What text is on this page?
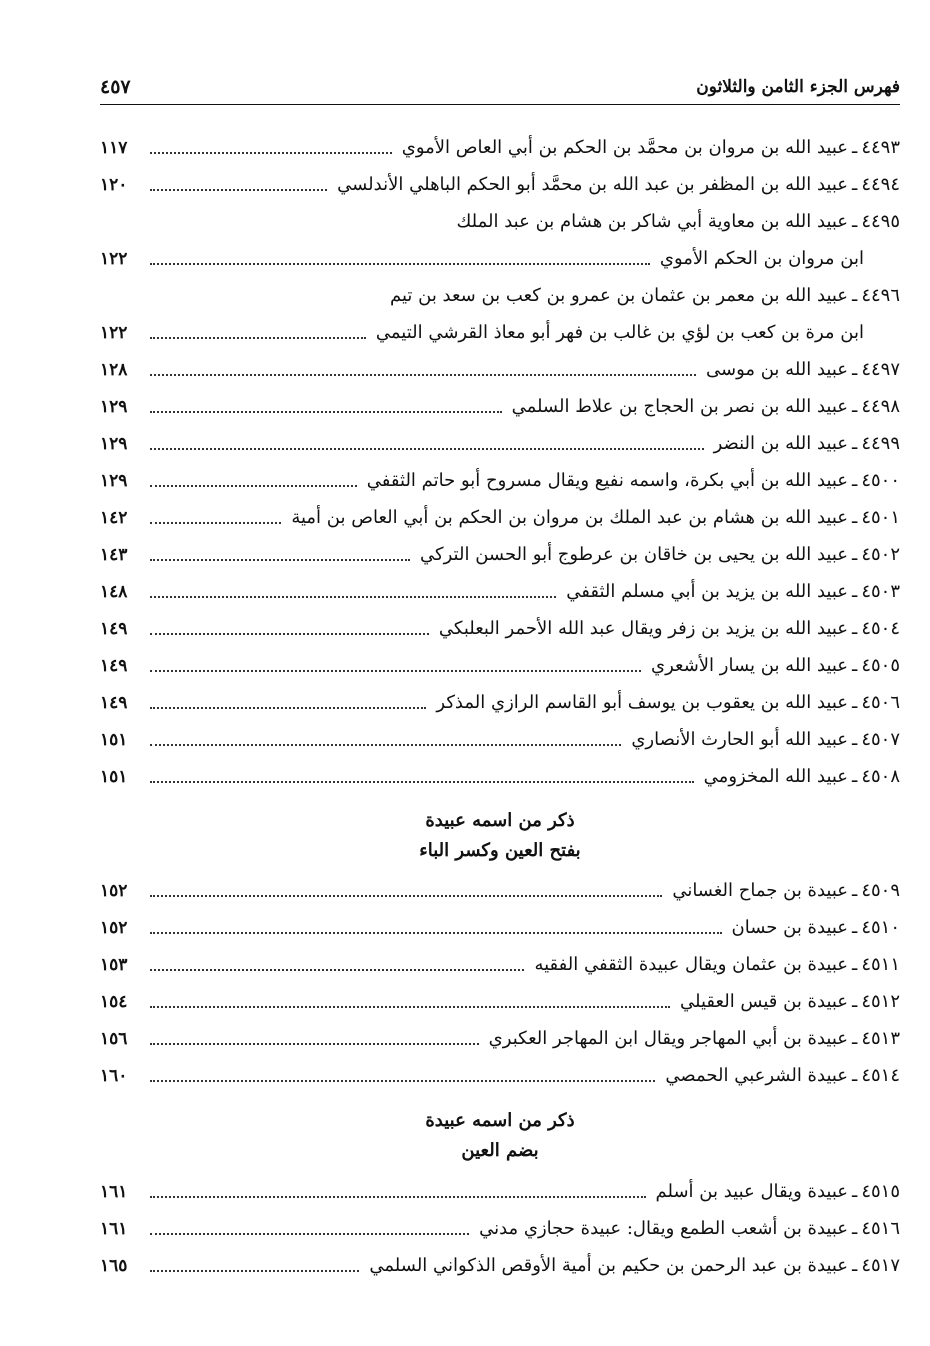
فهرس الجزء الثامن والثلاثون
٤٥٧
٤٤٩٣
ـ
عبيد الله بن مروان بن محمَّد بن الحكم بن أبي العاص الأموي
١١٧
٤٤٩٤
ـ
عبيد الله بن المظفر بن عبد الله بن محمَّد أبو الحكم الباهلي الأندلسي
١٢٠
٤٤٩٥
ـ
عبيد الله بن معاوية أبي شاكر بن هشام بن عبد الملك
ابن مروان بن الحكم الأموي
١٢٢
٤٤٩٦
ـ
عبيد الله بن معمر بن عثمان بن عمرو بن كعب بن سعد بن تيم
ابن مرة بن كعب بن لؤي بن غالب بن فهر أبو معاذ القرشي التيمي
١٢٢
٤٤٩٧
ـ
عبيد الله بن موسى
١٢٨
٤٤٩٨
ـ
عبيد الله بن نصر بن الحجاج بن علاط السلمي
١٢٩
٤٤٩٩
ـ
عبيد الله بن النضر
١٢٩
٤٥٠٠
ـ
عبيد الله بن أبي بكرة، واسمه نفيع ويقال مسروح أبو حاتم الثقفي
١٢٩
٤٥٠١
ـ
عبيد الله بن هشام بن عبد الملك بن مروان بن الحكم بن أبي العاص بن أمية
١٤٢
٤٥٠٢
ـ
عبيد الله بن يحيى بن خاقان بن عرطوج أبو الحسن التركي
١٤٣
٤٥٠٣
ـ
عبيد الله بن يزيد بن أبي مسلم الثقفي
١٤٨
٤٥٠٤
ـ
عبيد الله بن يزيد بن زفر ويقال عبد الله الأحمر البعلبكي
١٤٩
٤٥٠٥
ـ
عبيد الله بن يسار الأشعري
١٤٩
٤٥٠٦
ـ
عبيد الله بن يعقوب بن يوسف أبو القاسم الرازي المذكر
١٤٩
٤٥٠٧
ـ
عبيد الله أبو الحارث الأنصاري
١٥١
٤٥٠٨
ـ
عبيد الله المخزومي
١٥١
ذكر من اسمه عبيدة
بفتح العين وكسر الباء
٤٥٠٩
ـ
عبيدة بن جماح الغساني
١٥٢
٤٥١٠
ـ
عبيدة بن حسان
١٥٢
٤٥١١
ـ
عبيدة بن عثمان ويقال عبيدة الثقفي الفقيه
١٥٣
٤٥١٢
ـ
عبيدة بن قيس العقيلي
١٥٤
٤٥١٣
ـ
عبيدة بن أبي المهاجر ويقال ابن المهاجر العكبري
١٥٦
٤٥١٤
ـ
عبيدة الشرعبي الحمصي
١٦٠
ذكر من اسمه عبيدة
بضم العين
٤٥١٥
ـ
عبيدة ويقال عبيد بن أسلم
١٦١
٤٥١٦
ـ
عبيدة بن أشعب الطمع ويقال: عبيدة حجازي مدني
١٦١
٤٥١٧
ـ
عبيدة بن عبد الرحمن بن حكيم بن أمية الأوقص الذكواني السلمي
١٦٥
